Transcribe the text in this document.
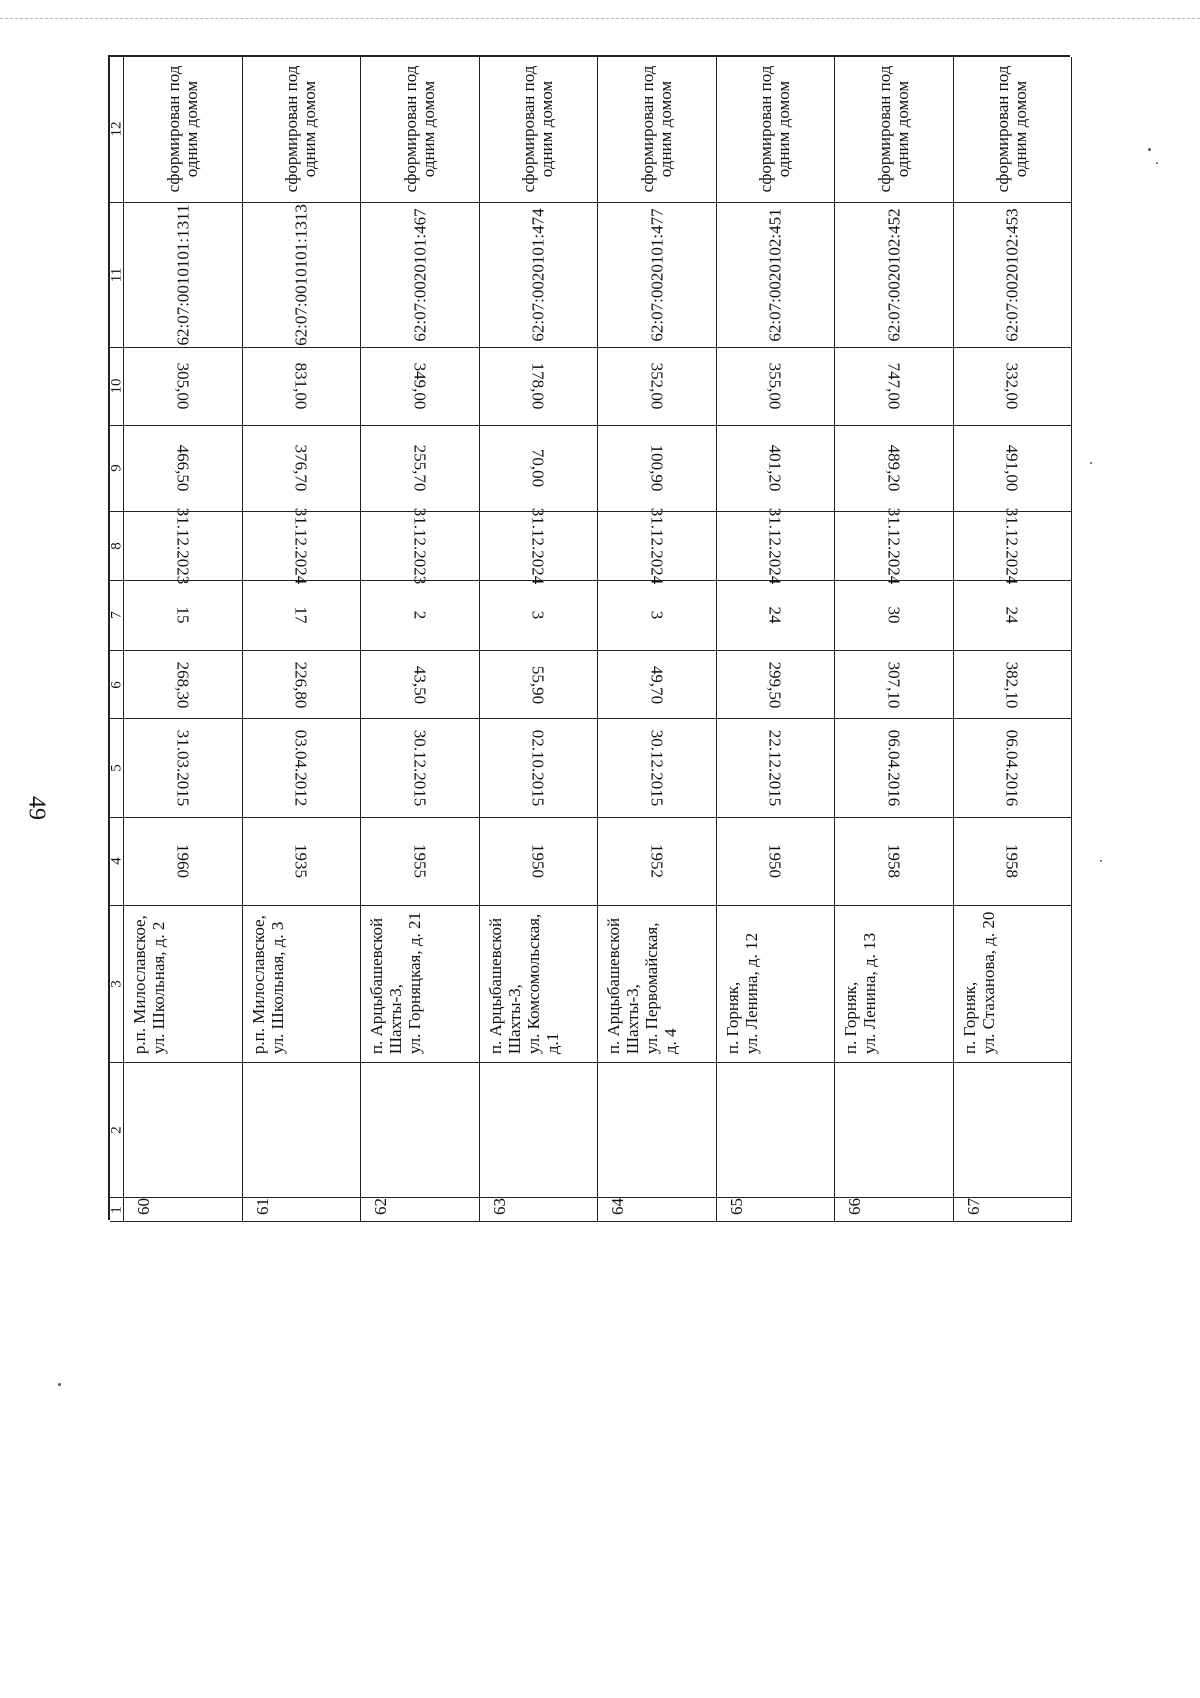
49
12
11
10
9
8
7
6
5
4
3
2
1
сформирован под
одним домом
62:07:0010101:1311
305,00
466,50
31.12.2023
15
268,30
31.03.2015
1960
р.п. Милославское,
ул. Школьная, д. 2
60
сформирован под
одним домом
62:07:0010101:1313
831,00
376,70
31.12.2024
17
226,80
03.04.2012
1935
р.п. Милославское,
ул. Школьная, д. 3
61
сформирован под
одним домом
62:07:0020101:467
349,00
255,70
31.12.2023
2
43,50
30.12.2015
1955
п. Арцыбашевской
Шахты-3,
ул. Горняцкая, д. 21
62
сформирован под
одним домом
62:07:0020101:474
178,00
70,00
31.12.2024
3
55,90
02.10.2015
1950
п. Арцыбашевской
Шахты-3,
ул. Комсомольская,
д.1
63
сформирован под
одним домом
62:07:0020101:477
352,00
100,90
31.12.2024
3
49,70
30.12.2015
1952
п. Арцыбашевской
Шахты-3,
ул. Первомайская,
д. 4
64
сформирован под
одним домом
62:07:0020102:451
355,00
401,20
31.12.2024
24
299,50
22.12.2015
1950
п. Горняк,
ул. Ленина, д. 12
65
сформирован под
одним домом
62:07:0020102:452
747,00
489,20
31.12.2024
30
307,10
06.04.2016
1958
п. Горняк,
ул. Ленина, д. 13
66
сформирован под
одним домом
62:07:0020102:453
332,00
491,00
31.12.2024
24
382,10
06.04.2016
1958
п. Горняк,
ул. Стаханова, д. 20
67
